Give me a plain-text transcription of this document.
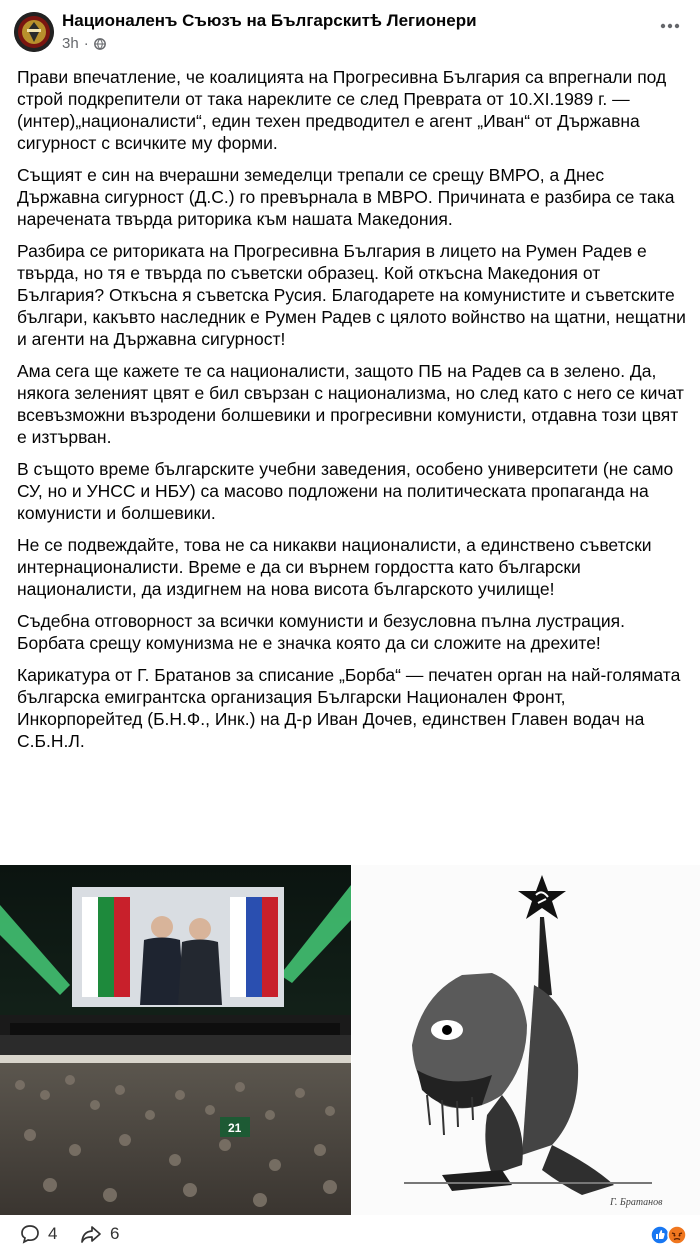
Националенъ Съюзъ на Българскитѣ Легионери
3h ·

Прави впечатление, че коалицията на Прогресивна България са впрегнали под строй подкрепители от така нареклите се след Превратa от 10.XI.1989 г. — (интер)„националисти“, един техен предводител е агент „Иван“ от Държавна сигурност с всичките му форми.

Същият е син на вчерашни земеделци трепали се срещу ВМРО, а Днес Държавна сигурност (Д.С.) го превърнала в МВРО. Причината е разбира се така наречената твърда риторика към нашата Македония.

Разбира се риториката на Прогресивна България в лицето на Румен Радев е твърда, но тя е твърда по съветски образец. Кой откъсна Македония от България? Откъсна я съветска Русия. Благодарете на комунистите и съветските българи, какъвто наследник е Румен Радев с цялото войнство на щатни, нещатни и агенти на Държавна сигурност!

Ама сега ще кажете те са националисти, защото ПБ на Радев са в зелено. Да, някога зеленият цвят е бил свързан с национализма, но след като с него се кичат всевъзможни възродени болшевики и прогресивни комунисти, отдавна този цвят е изтърван.

В същото време българските учебни заведения, особено университети (не само СУ, но и УНСС и НБУ) са масово подложени на политическата пропаганда на комунисти и болшевики.

Не се подвеждайте, това не са никакви националисти, а единствено съветски интернационалисти. Време е да си върнем гордостта като български националисти, да издигнем на нова висота българското училище!

Съдебна отговорност за всички комунисти и безусловна пълна лустрация. Борбата срещу комунизма не е значка която да си сложите на дрехите!

Карикатура от Г. Братанов за списание „Борба“ — печатен орган на най-голямата българска емигрантска организация Български Национален Фронт, Инкорпорейтед (Б.Н.Ф., Инк.) на Д-р Иван Дочев, единствен Главен водач на С.Б.Н.Л.

21
Г. Братанов
4	6
